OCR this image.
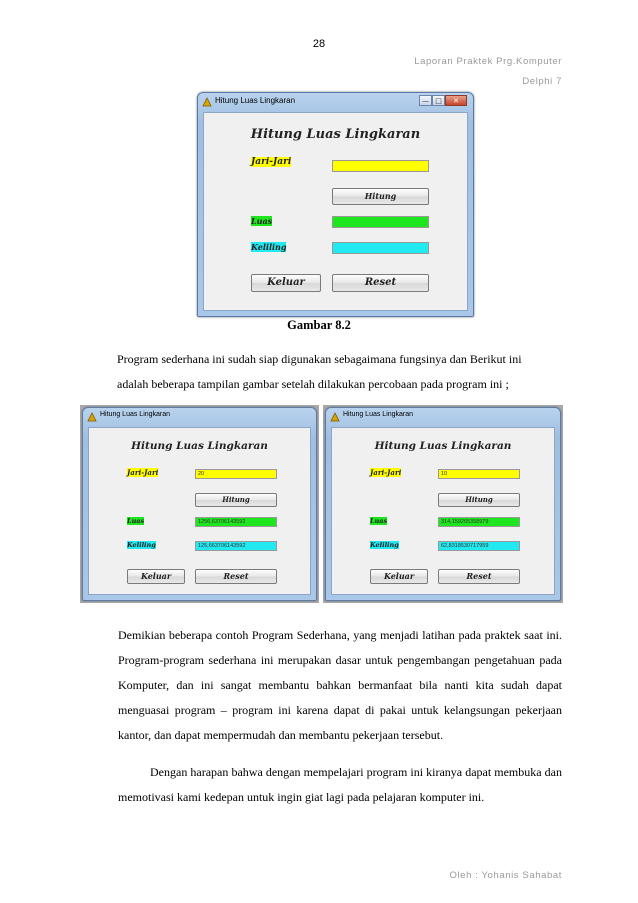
28
Laporan Praktek Prg.Komputer
Delphi 7
Hitung Luas Lingkaran	— □	✕
Hitung Luas Lingkaran
Jari-Jari
Hitung
Luas
Keliling
Keluar	Reset
Gambar 8.2

Program sederhana ini sudah siap digunakan sebagaimana fungsinya dan Berikut ini

adalah beberapa tampilan gambar setelah dilakukan percobaan pada program ini ;

Hitung Luas Lingkaran
Hitung Luas Lingkaran
Jari-Jari	20
Hitung
Luas	1256,63706143592
Keliling	125,663706143592
Keluar	Reset
Hitung Luas Lingkaran
Hitung Luas Lingkaran
Jari-Jari	10
Hitung
Luas	314,159265358979
Keliling	62,8318530717959
Keluar	Reset

Demikian beberapa contoh Program Sederhana, yang menjadi latihan pada praktek saat ini. Program-program sederhana ini merupakan dasar untuk pengembangan pengetahuan pada Komputer, dan ini sangat membantu bahkan bermanfaat bila nanti kita sudah dapat menguasai program – program ini karena dapat di pakai untuk kelangsungan pekerjaan kantor, dan dapat mempermudah dan membantu pekerjaan tersebut.

Dengan harapan bahwa dengan mempelajari program ini kiranya dapat membuka dan memotivasi kami kedepan untuk ingin giat lagi pada pelajaran komputer ini.

Oleh : Yohanis Sahabat
